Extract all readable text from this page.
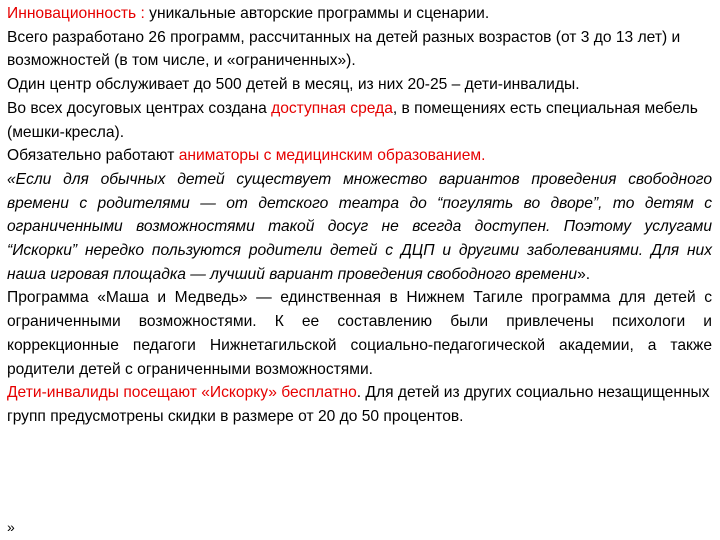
Инновационность : уникальные авторские программы и сценарии.

Всего разработано 26 программ, рассчитанных на детей разных возрастов (от 3 до 13 лет) и возможностей (в том числе, и «ограниченных»).

Один центр обслуживает до 500 детей в месяц, из них 20-25 – дети-инвалиды.

Во всех досуговых центрах создана доступная среда, в помещениях есть специальная мебель (мешки-кресла).

Обязательно работают аниматоры с медицинским образованием.

«Если для обычных детей существует множество вариантов проведения свободного времени с родителями — от детского театра до “погулять во дворе”, то детям с ограниченными возможностями такой досуг не всегда доступен. Поэтому услугами “Искорки” нередко пользуются родители детей с ДЦП и другими заболеваниями. Для них наша игровая площадка — лучший вариант проведения свободного времени».

Программа «Маша и Медведь» — единственная в Нижнем Тагиле программа для детей с ограниченными возможностями. К ее составлению были привлечены психологи и коррекционные педагоги Нижнетагильской социально-педагогической академии, а также родители детей с ограниченными возможностями.

Дети-инвалиды посещают «Искорку» бесплатно. Для детей из других социально незащищенных групп предусмотрены скидки в размере от 20 до 50 процентов.

»
